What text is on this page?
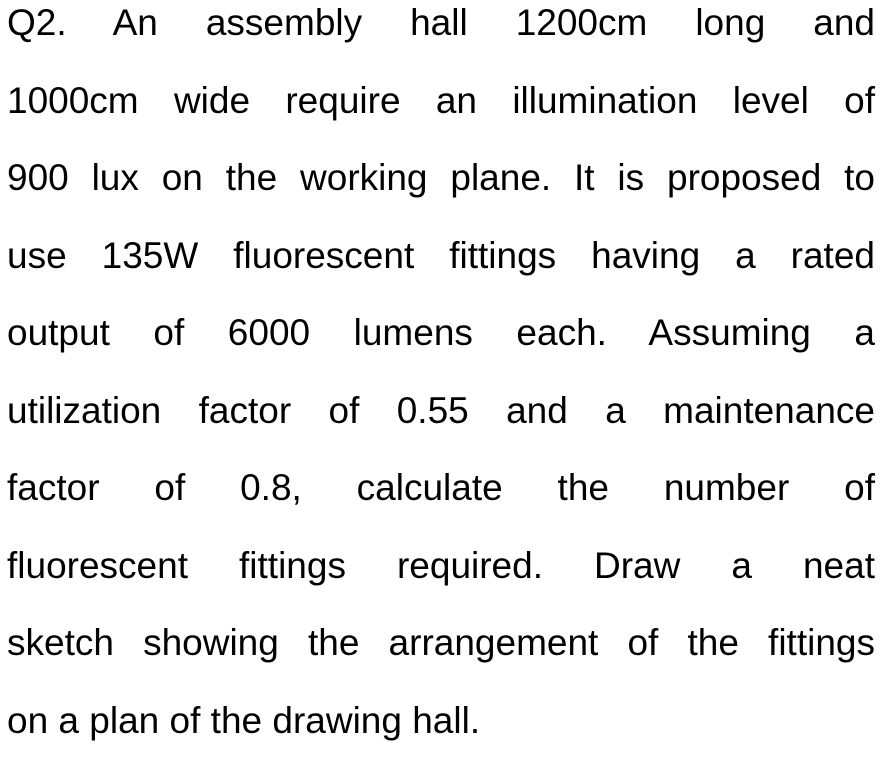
Q2. An assembly hall 1200cm long and
1000cm wide require an illumination level of
900 lux on the working plane. It is proposed to
use 135W fluorescent fittings having a rated
output of 6000 lumens each. Assuming a
utilization factor of 0.55 and a maintenance
factor of 0.8, calculate the number of
fluorescent fittings required. Draw a neat
sketch showing the arrangement of the fittings
on a plan of the drawing hall.
